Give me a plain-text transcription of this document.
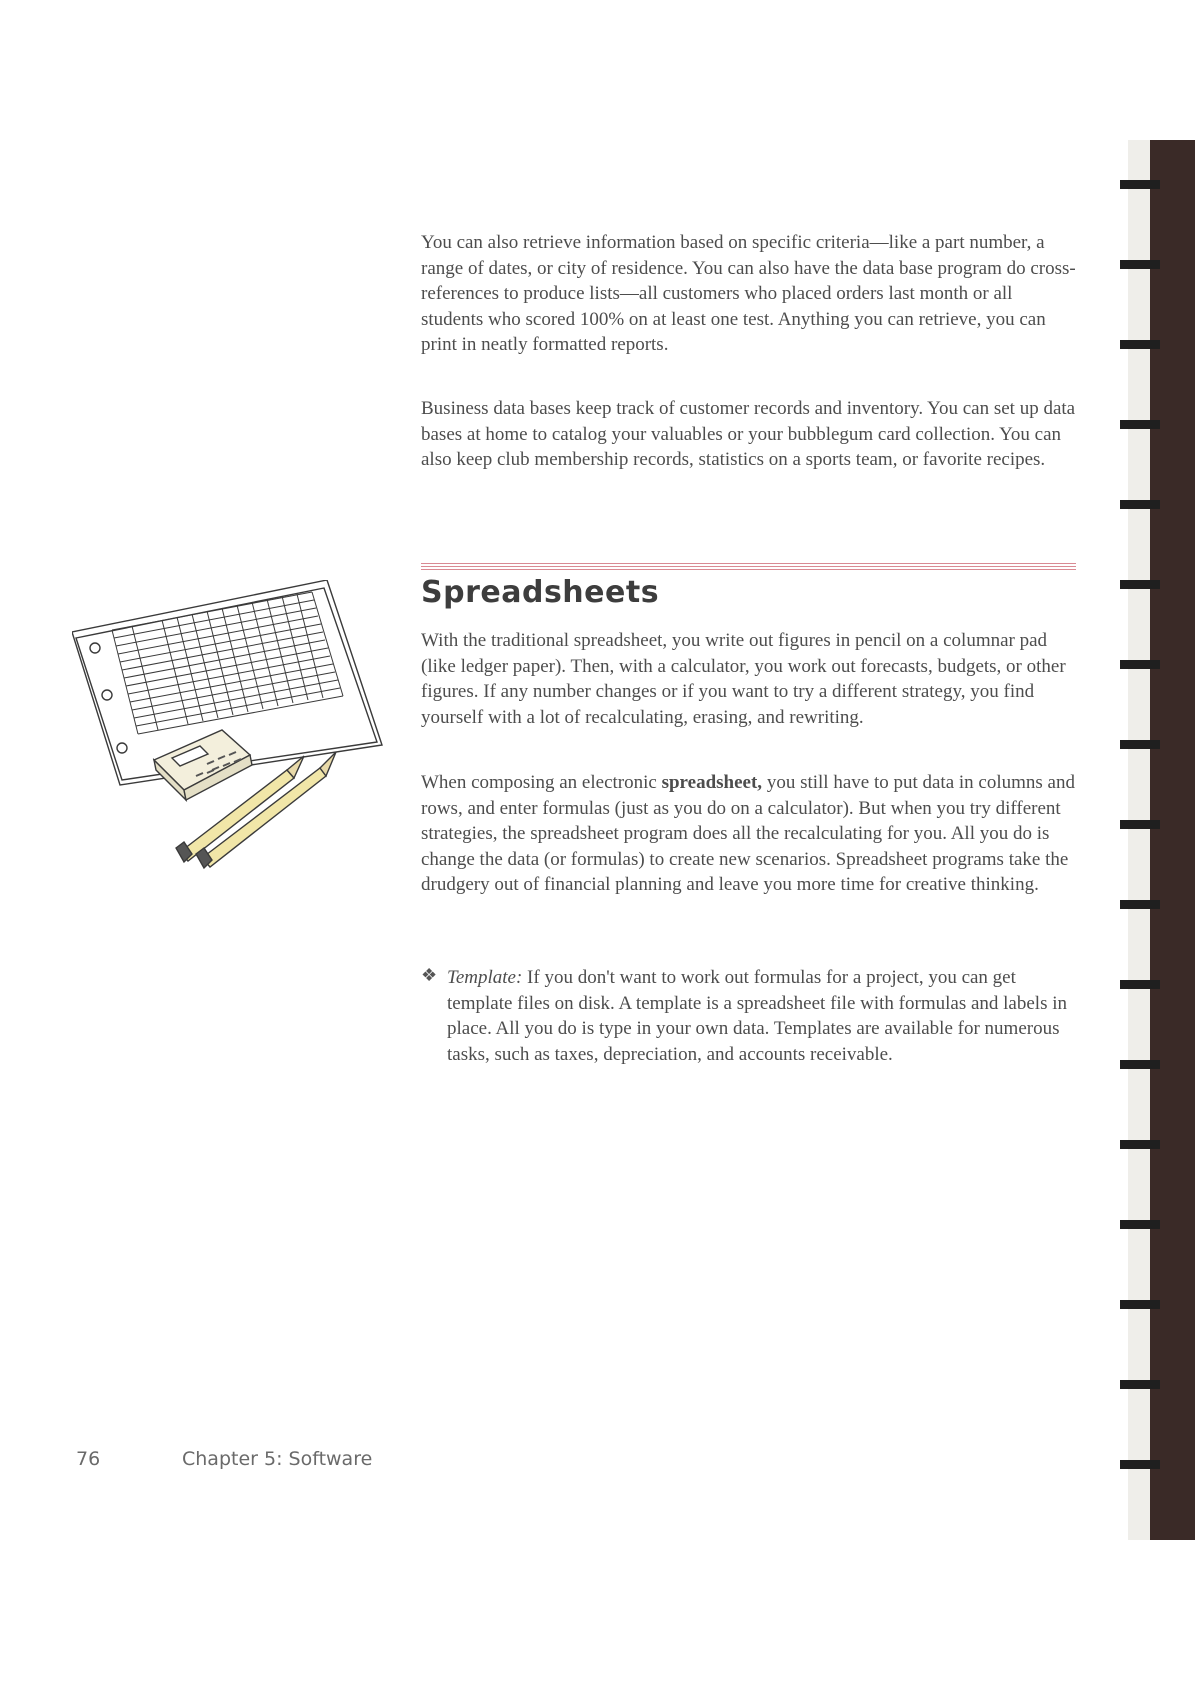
You can also retrieve information based on specific criteria—like a part number, a range of dates, or city of residence. You can also have the data base program do cross-references to produce lists—all customers who placed orders last month or all students who scored 100% on at least one test. Anything you can retrieve, you can print in neatly formatted reports.

Business data bases keep track of customer records and inventory. You can set up data bases at home to catalog your valuables or your bubblegum card collection. You can also keep club membership records, statistics on a sports team, or favorite recipes.

Spreadsheets

With the traditional spreadsheet, you write out figures in pencil on a columnar pad (like ledger paper). Then, with a calculator, you work out forecasts, budgets, or other figures. If any number changes or if you want to try a different strategy, you find yourself with a lot of recalculating, erasing, and rewriting.

When composing an electronic spreadsheet, you still have to put data in columns and rows, and enter formulas (just as you do on a calculator). But when you try different strategies, the spreadsheet program does all the recalculating for you. All you do is change the data (or formulas) to create new scenarios. Spreadsheet programs take the drudgery out of financial planning and leave you more time for creative thinking.

❖ Template: If you don't want to work out formulas for a project, you can get template files on disk. A template is a spreadsheet file with formulas and labels in place. All you do is type in your own data. Templates are available for numerous tasks, such as taxes, depreciation, and accounts receivable.
76	Chapter 5: Software
